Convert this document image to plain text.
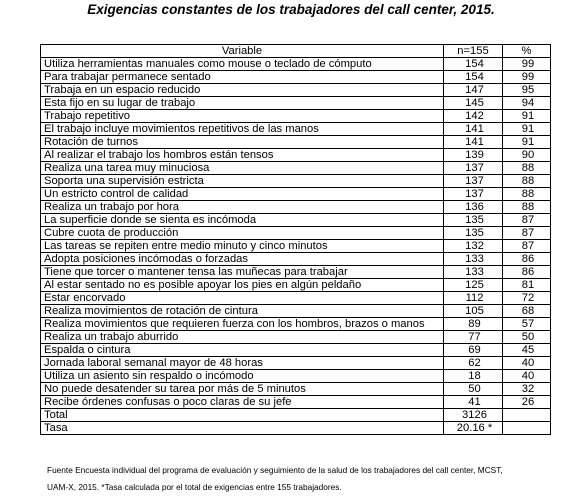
Exigencias constantes de los trabajadores del call center, 2015.
Variable	n=155	%
Utiliza herramientas manuales como mouse o teclado de cómputo	154	99
Para trabajar permanece sentado	154	99
Trabaja en un espacio reducido	147	95
Esta fijo en su lugar de trabajo	145	94
Trabajo repetitivo	142	91
El trabajo incluye movimientos repetitivos de las manos	141	91
Rotación de turnos	141	91
Al realizar el trabajo los hombros están tensos	139	90
Realiza una tarea muy minuciosa	137	88
Soporta una supervisión estricta	137	88
Un estricto control de calidad	137	88
Realiza un trabajo por hora	136	88
La superficie donde se sienta es incómoda	135	87
Cubre cuota de producción	135	87
Las tareas se repiten entre medio minuto y cinco minutos	132	87
Adopta posiciones incómodas o forzadas	133	86
Tiene que torcer o mantener tensa las muñecas para trabajar	133	86
Al estar sentado no es posible apoyar los pies en algún peldaño	125	81
Estar encorvado	112	72
Realiza movimientos de rotación de cintura	105	68
Realiza movimientos que requieren fuerza con los hombros, brazos o manos	89	57
Realiza un trabajo aburrido	77	50
Espalda o cintura	69	45
Jornada laboral semanal mayor de 48 horas	62	40
Utiliza un asiento sin respaldo o incómodo	18	40
No puede desatender su tarea por más de 5 minutos	50	32
Recibe órdenes confusas o poco claras de su jefe	41	26
Total	3126	
Tasa	20.16 *	
Fuente Encuesta individual del programa de evaluación y seguimiento de la salud de los trabajadores del call center, MCST,
UAM-X, 2015. *Tasa calculada por el total de exigencias entre 155 trabajadores.
